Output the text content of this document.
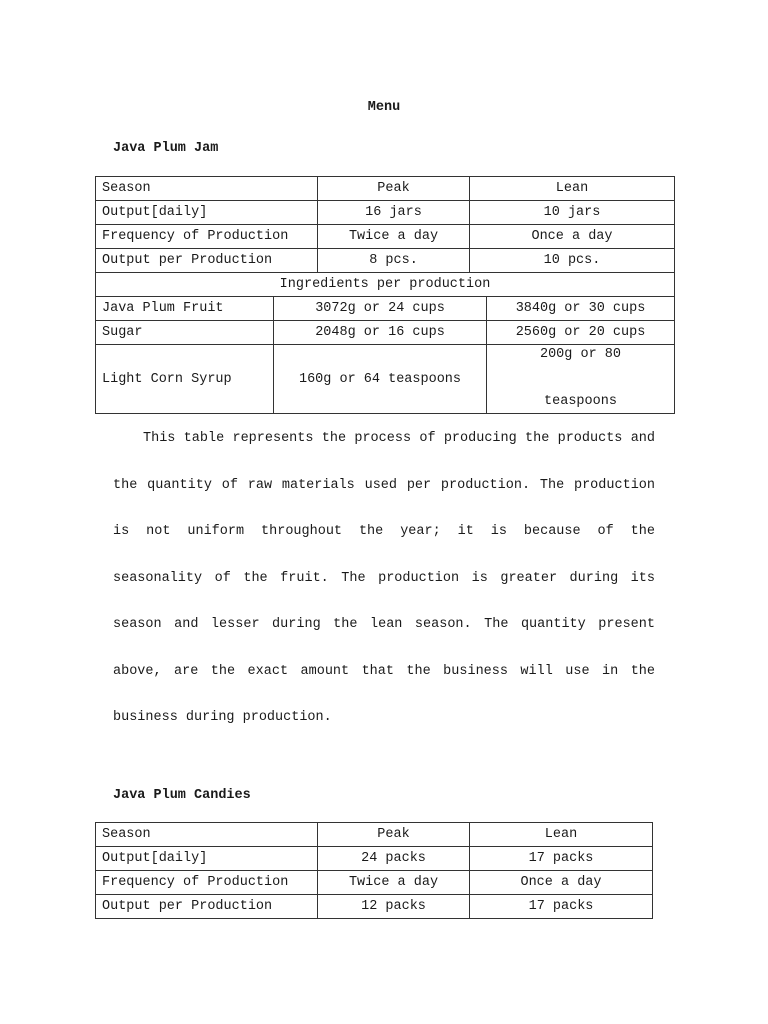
Menu
Java Plum Jam
Season	Peak	Lean
Output[daily]	16 jars	10 jars
Frequency of Production	Twice a day	Once a day
Output per Production	8 pcs.	10 pcs.
Ingredients per production		
Java Plum Fruit	3072g or 24 cups	3840g or 30 cups
Sugar	2048g or 16 cups	2560g or 20 cups
Light Corn Syrup	160g or 64 teaspoons	200g or 80
teaspoons

This table represents the process of producing the products and the quantity of raw materials used per production. The production is not uniform throughout the year; it is because of the seasonality of the fruit. The production is greater during its season and lesser during the lean season. The quantity present above, are the exact amount that the business will use in the business during production.

Java Plum Candies
Season	Peak	Lean
Output[daily]	24 packs	17 packs
Frequency of Production	Twice a day	Once a day
Output per Production	12 packs	17 packs
